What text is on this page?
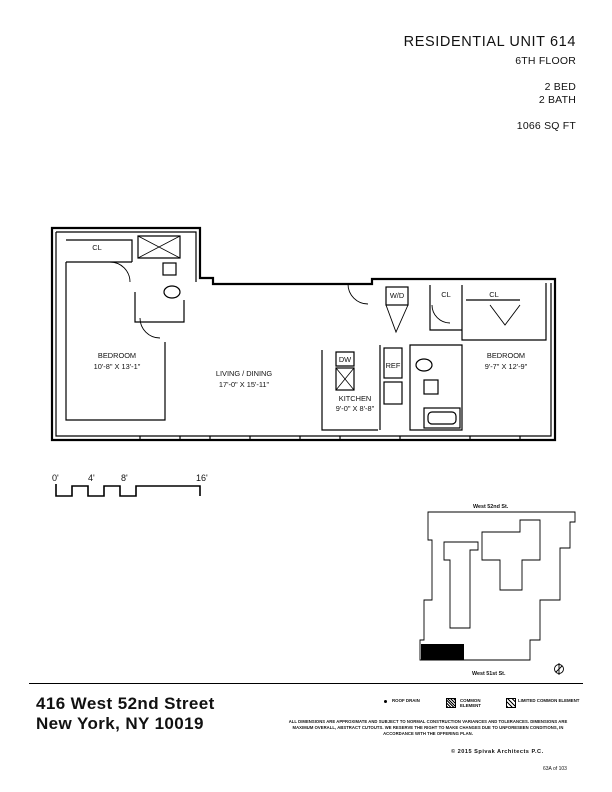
RESIDENTIAL UNIT 614
6TH FLOOR
2 BED
2 BATH
1066 SQ FT
BEDROOM
10'-8" X 13'-1"
LIVING / DINING
17'-0" X 15'-11"
KITCHEN
9'-0" X 8'-8"
BEDROOM
9'-7" X 12'-9"
CL
CL	CL
W/D
DW
REF
0'	4'	8'	16'
West 52nd St.
West 51st St.
416 West 52nd Street
New York, NY 10019
ROOF DRAIN	COMMON ELEMENT
LIMITED COMMON ELEMENT
ALL DIMENSIONS ARE APPROXIMATE AND SUBJECT TO NORMAL CONSTRUCTION VARIANCES AND TOLERANCES. DIMENSIONS ARE MAXIMUM OVERALL, ABSTRACT CUTOUTS. WE RESERVE THE RIGHT TO MAKE CHANGES DUE TO UNFORESEEN CONDITIONS, IN ACCORDANCE WITH THE OFFERING PLAN.
© 2015 Spivak Architects P.C.
63A of 103
